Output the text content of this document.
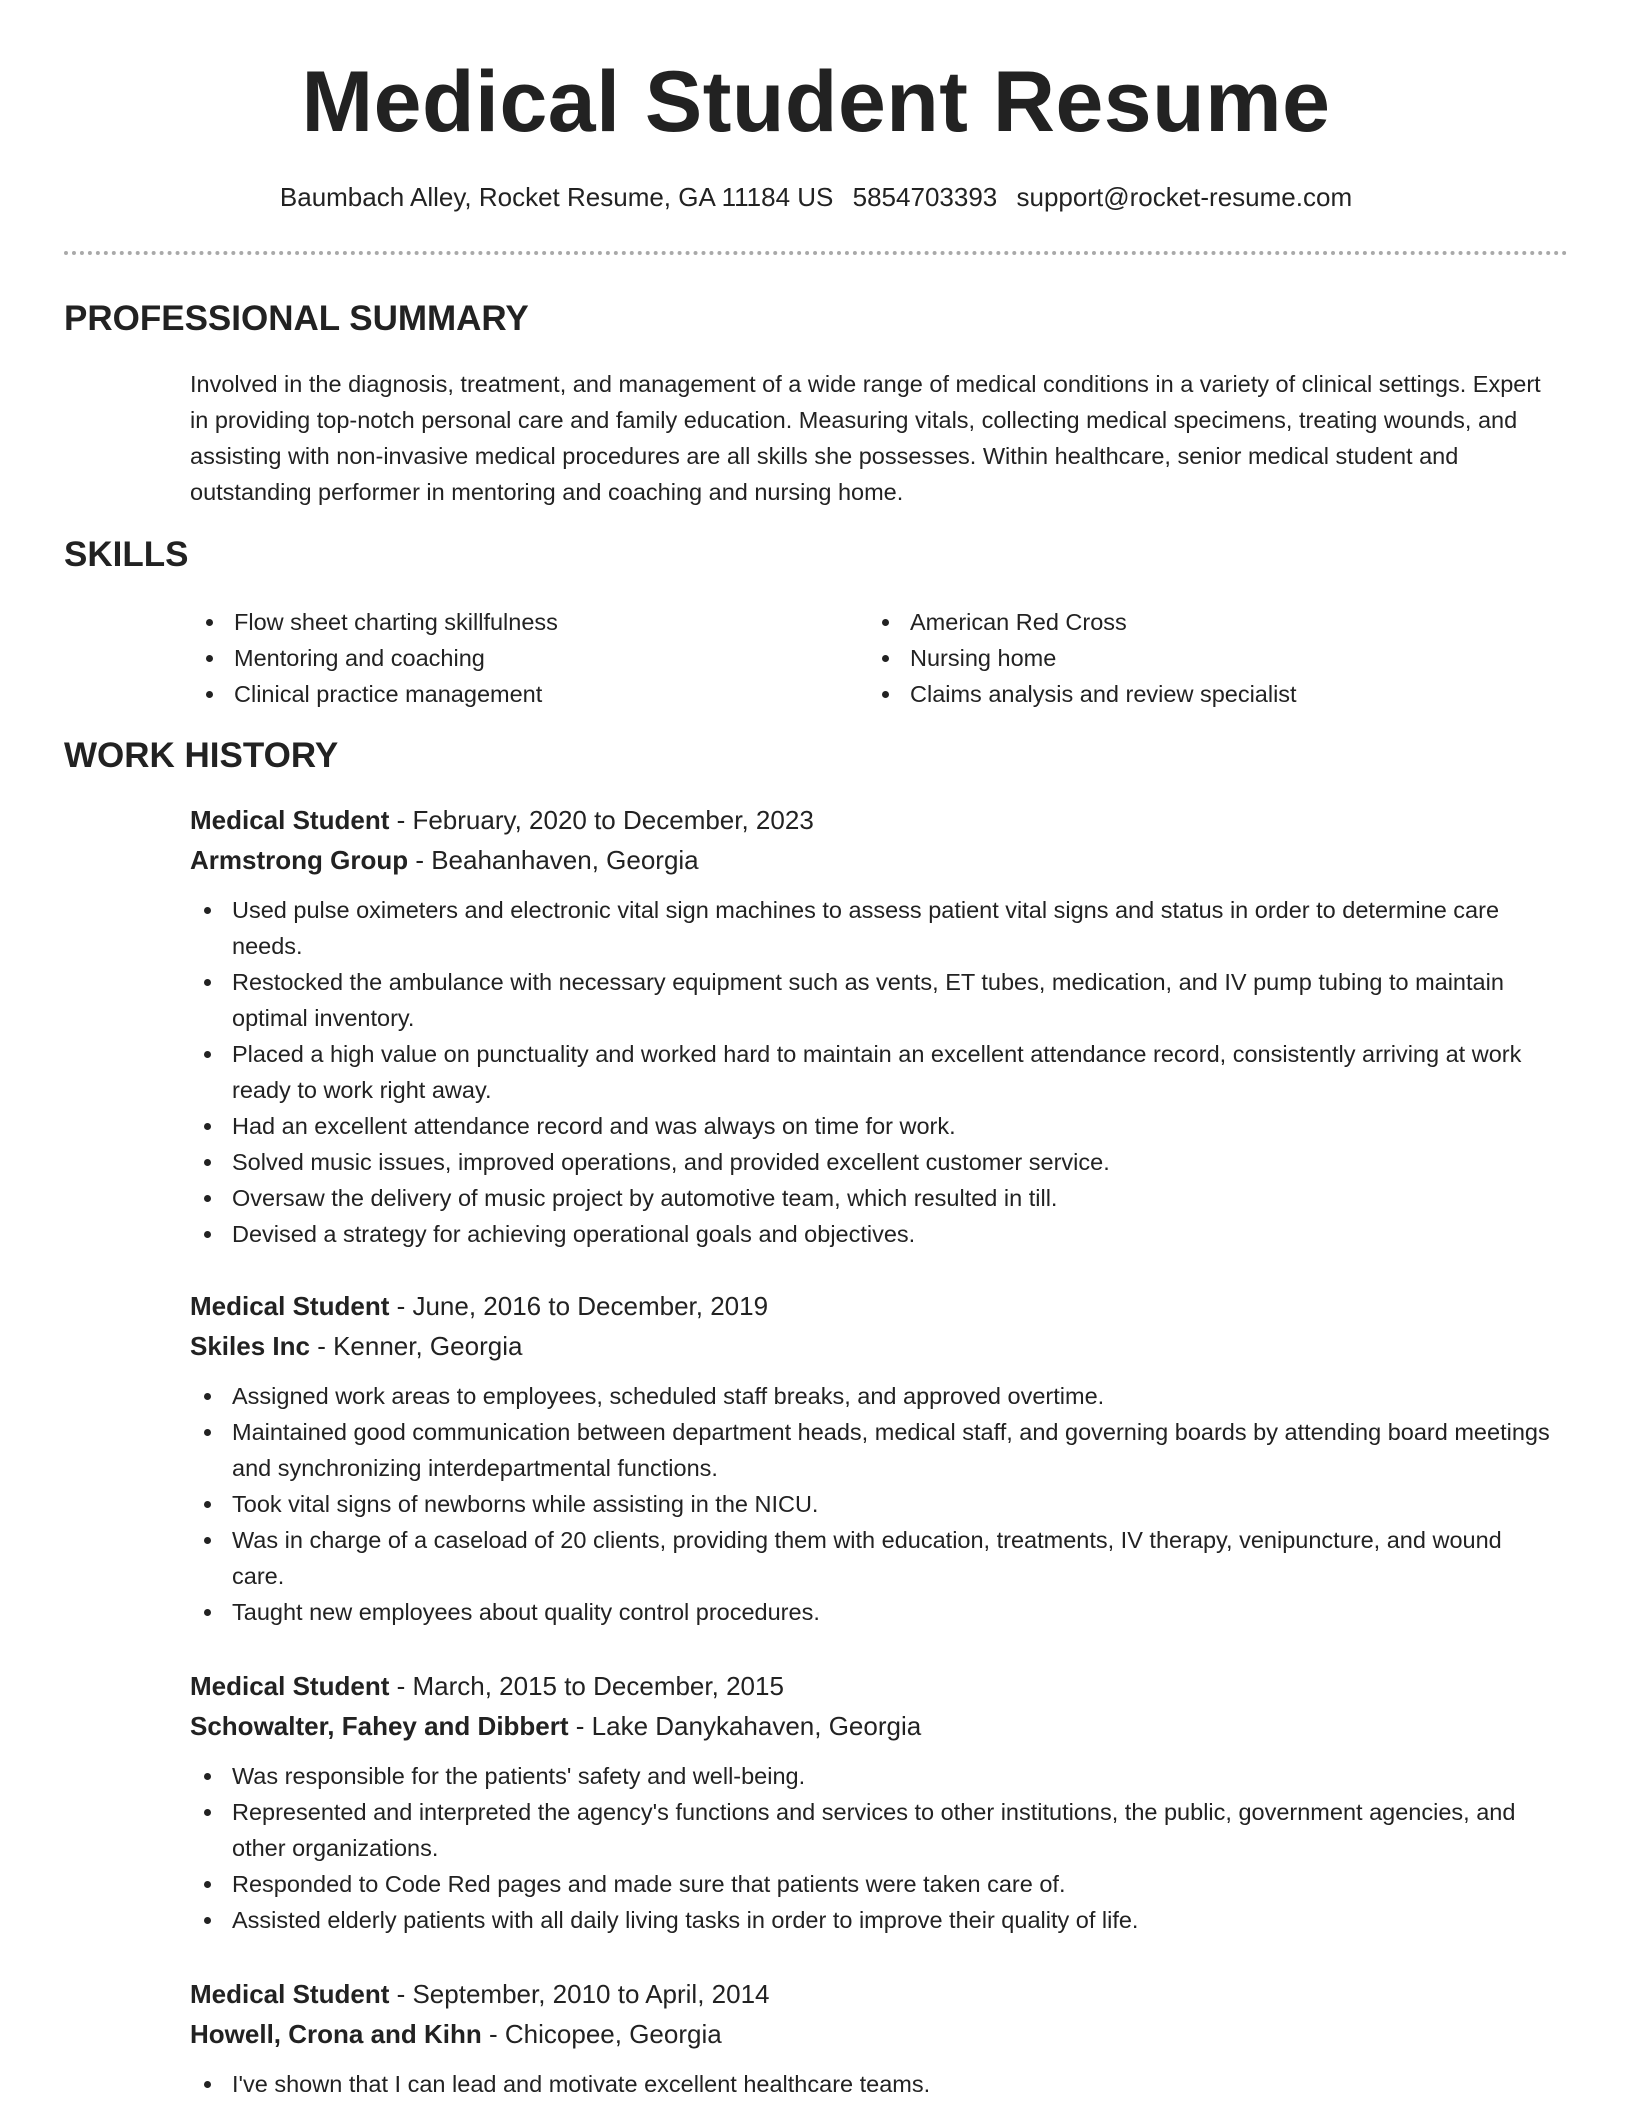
Medical Student Resume
Baumbach Alley, Rocket Resume, GA 11184 US 5854703393 support@rocket-resume.com
PROFESSIONAL SUMMARY
Involved in the diagnosis, treatment, and management of a wide range of medical conditions in a variety of clinical settings. Expert in providing top-notch personal care and family education. Measuring vitals, collecting medical specimens, treating wounds, and assisting with non-invasive medical procedures are all skills she possesses. Within healthcare, senior medical student and outstanding performer in mentoring and coaching and nursing home.
SKILLS
Flow sheet charting skillfulness
Mentoring and coaching
Clinical practice management
American Red Cross
Nursing home
Claims analysis and review specialist
WORK HISTORY
Medical Student - February, 2020 to December, 2023
Armstrong Group - Beahanhaven, Georgia
Used pulse oximeters and electronic vital sign machines to assess patient vital signs and status in order to determine care needs.
Restocked the ambulance with necessary equipment such as vents, ET tubes, medication, and IV pump tubing to maintain optimal inventory.
Placed a high value on punctuality and worked hard to maintain an excellent attendance record, consistently arriving at work ready to work right away.
Had an excellent attendance record and was always on time for work.
Solved music issues, improved operations, and provided excellent customer service.
Oversaw the delivery of music project by automotive team, which resulted in till.
Devised a strategy for achieving operational goals and objectives.
Medical Student - June, 2016 to December, 2019
Skiles Inc - Kenner, Georgia
Assigned work areas to employees, scheduled staff breaks, and approved overtime.
Maintained good communication between department heads, medical staff, and governing boards by attending board meetings and synchronizing interdepartmental functions.
Took vital signs of newborns while assisting in the NICU.
Was in charge of a caseload of 20 clients, providing them with education, treatments, IV therapy, venipuncture, and wound care.
Taught new employees about quality control procedures.
Medical Student - March, 2015 to December, 2015
Schowalter, Fahey and Dibbert - Lake Danykahaven, Georgia
Was responsible for the patients' safety and well-being.
Represented and interpreted the agency's functions and services to other institutions, the public, government agencies, and other organizations.
Responded to Code Red pages and made sure that patients were taken care of.
Assisted elderly patients with all daily living tasks in order to improve their quality of life.
Medical Student - September, 2010 to April, 2014
Howell, Crona and Kihn - Chicopee, Georgia
I've shown that I can lead and motivate excellent healthcare teams.
